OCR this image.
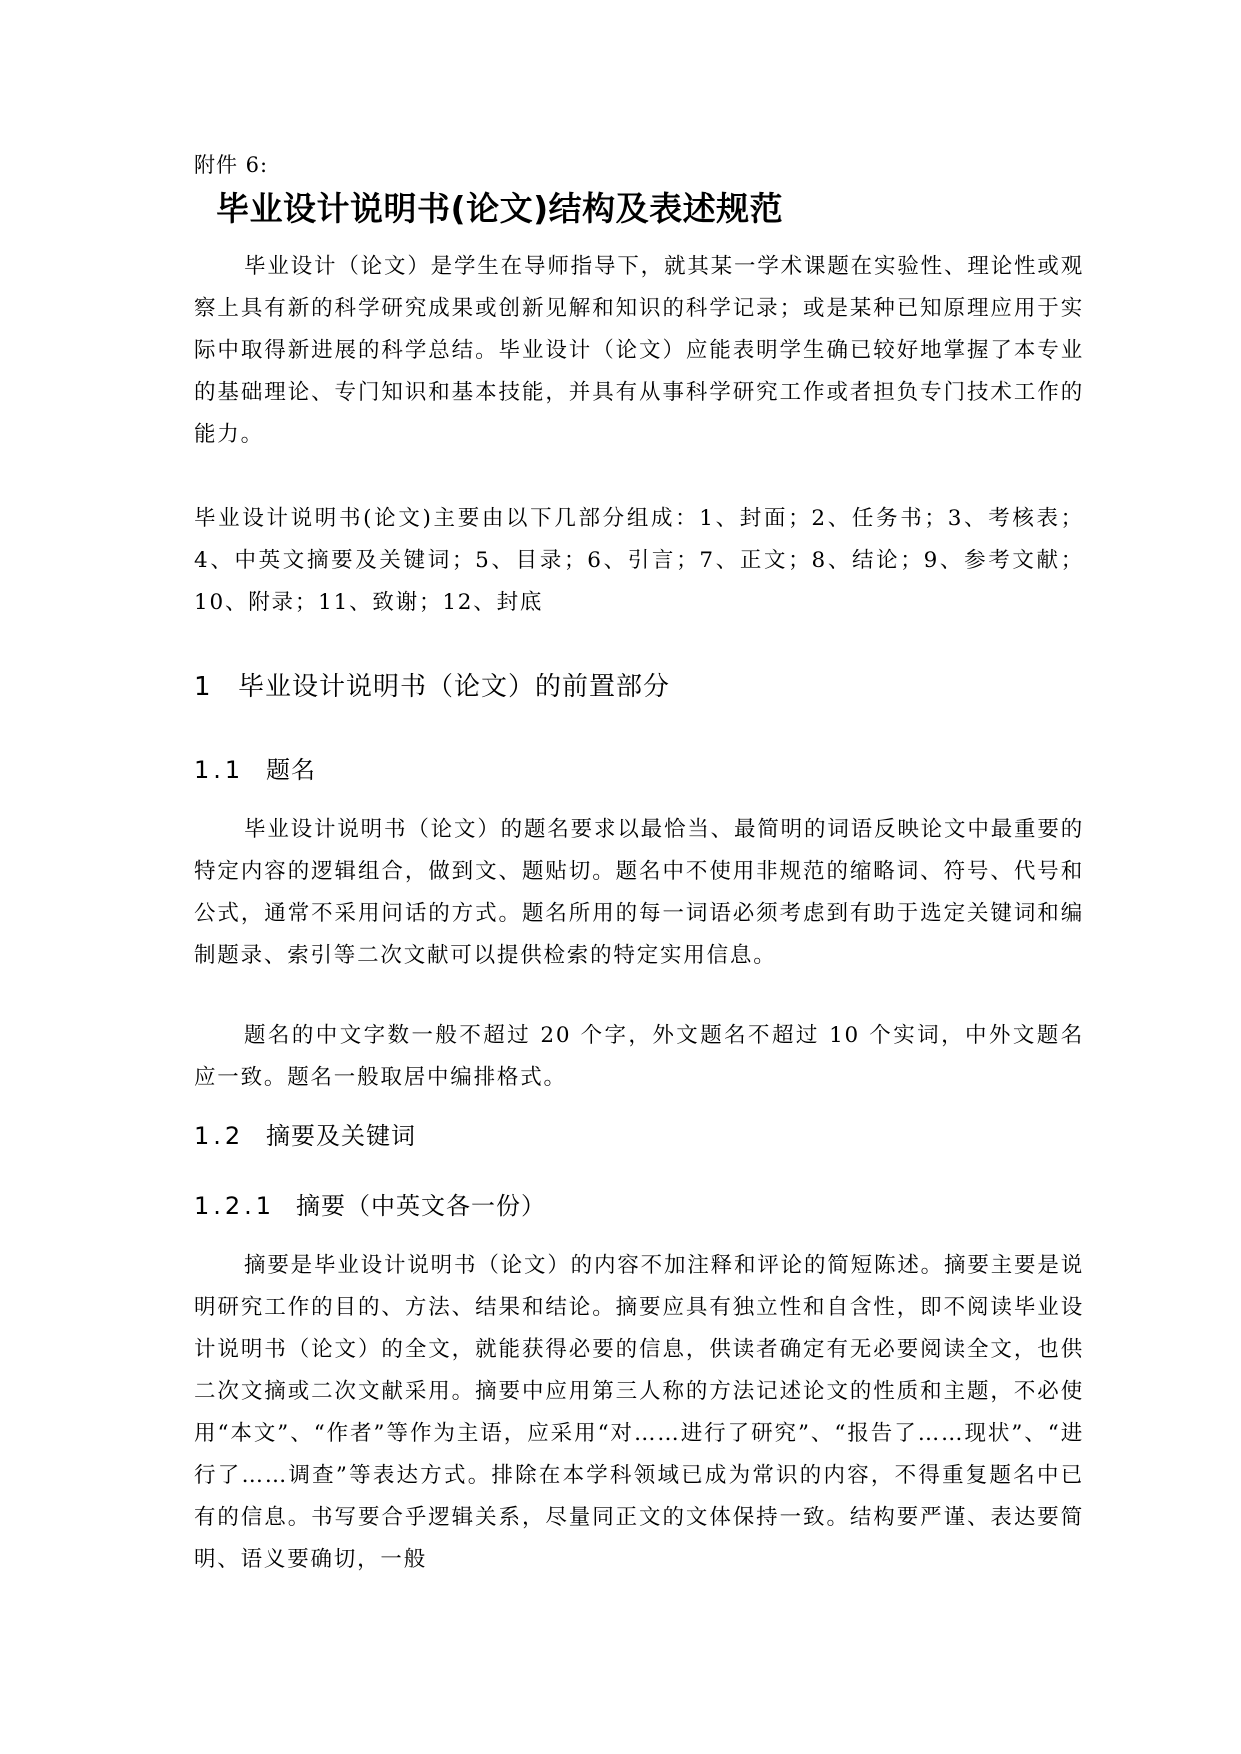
附件 6:
毕业设计说明书(论文)结构及表述规范

毕业设计（论文）是学生在导师指导下，就其某一学术课题在实验性、理论性或观察上具有新的科学研究成果或创新见解和知识的科学记录；或是某种已知原理应用于实际中取得新进展的科学总结。毕业设计（论文）应能表明学生确已较好地掌握了本专业的基础理论、专门知识和基本技能，并具有从事科学研究工作或者担负专门技术工作的能力。

毕业设计说明书(论文)主要由以下几部分组成：1、封面；2、任务书；3、考核表；4、中英文摘要及关键词；5、目录；6、引言；7、正文；8、结论；9、参考文献；10、附录；11、致谢；12、封底

1 毕业设计说明书（论文）的前置部分
1.1 题名

毕业设计说明书（论文）的题名要求以最恰当、最简明的词语反映论文中最重要的特定内容的逻辑组合，做到文、题贴切。题名中不使用非规范的缩略词、符号、代号和公式，通常不采用问话的方式。题名所用的每一词语必须考虑到有助于选定关键词和编制题录、索引等二次文献可以提供检索的特定实用信息。

题名的中文字数一般不超过 20 个字，外文题名不超过 10 个实词，中外文题名应一致。题名一般取居中编排格式。

1.2 摘要及关键词
1.2.1 摘要（中英文各一份）

摘要是毕业设计说明书（论文）的内容不加注释和评论的简短陈述。摘要主要是说明研究工作的目的、方法、结果和结论。摘要应具有独立性和自含性，即不阅读毕业设计说明书（论文）的全文，就能获得必要的信息，供读者确定有无必要阅读全文，也供二次文摘或二次文献采用。摘要中应用第三人称的方法记述论文的性质和主题，不必使用“本文”、“作者”等作为主语，应采用“对……进行了研究”、“报告了……现状”、“进行了……调查”等表达方式。排除在本学科领域已成为常识的内容，不得重复题名中已有的信息。书写要合乎逻辑关系，尽量同正文的文体保持一致。结构要严谨、表达要简明、语义要确切，一般
